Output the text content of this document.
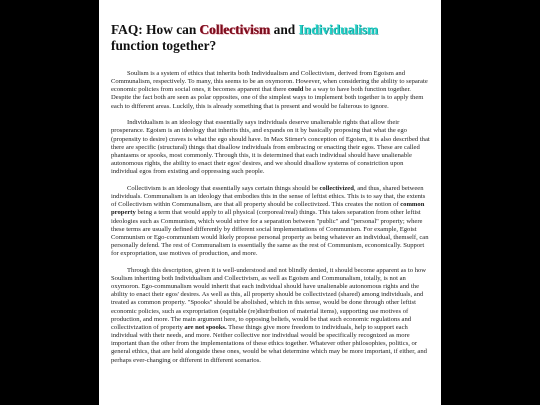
FAQ: How can Collectivism and Individualism
function together?

Soulism is a system of ethics that inherits both Individualism and Collectivism, derived from Egoism and Communalism, respectively. To many, this seems to be an oxymoron. However, when considering the ability to separate economic policies from social ones, it becomes apparent that there could be a way to have both function together. Despite the fact both are seen as polar opposites, one of the simplest ways to implement both together is to apply them each to different areas. Luckily, this is already something that is present and would be falterous to ignore.

Individualism is an ideology that essentially says individuals deserve unalienable rights that allow their prosperance. Egoism is an ideology that inherits this, and expands on it by basically proposing that what the ego (propensity to desire) craves is what the ego should have. In Max Stirner's conception of Egoism, it is also described that there are specific (structural) things that disallow individuals from embracing or enacting their egos. These are called phantasms or spooks, most commonly. Through this, it is determined that each individual should have unalienable autonomous rights, the ability to enact their egos' desires, and we should disallow systems of constriction upon individual egos from existing and oppressing such people.

Collectivism is an ideology that essentially says certain things should be collectivized, and thus, shared between individuals. Communalism is an ideology that embodies this in the sense of leftist ethics. This is to say that, the extents of Collectivism within Communalism, are that all property should be collectivized. This creates the notion of common property being a term that would apply to all physical (corporeal/real) things. This takes separation from other leftist ideologies such as Communism, which would strive for a separation between "public" and "personal" property; where these terms are usually defined differently by different social implementations of Communism. For example, Egoist Communism or Ego-communism would likely propose personal property as being whatever an individual, themself, can personally defend. The rest of Communalism is essentially the same as the rest of Communism, economically. Support for expropriation, use motives of production, and more.

Through this description, given it is well-understood and not blindly denied, it should become apparent as to how Soulism inheriting both Individualism and Collectivism, as well as Egoism and Communalism, totally, is not an oxymoron. Ego-communalism would inherit that each individual should have unalienable autonomous rights and the ability to enact their egos' desires. As well as this, all property should be collectivized (shared) among individuals, and treated as common property. "Spooks" should be abolished, which in this sense, would be done through other leftist economic policies, such as expropriation (equitable (re)distribution of material items), supporting use motives of production, and more. The main argument here, to opposing beliefs, would be that such economic regulations and collectivization of property are not spooks. These things give more freedom to individuals, help to support each individual with their needs, and more. Neither collective nor individual would be specifically recognized as more important than the other from the implementations of these ethics together. Whatever other philosophies, politics, or general ethics, that are held alongside these ones, would be what determine which may be more important, if either, and perhaps ever-changing or different in different scenarios.
